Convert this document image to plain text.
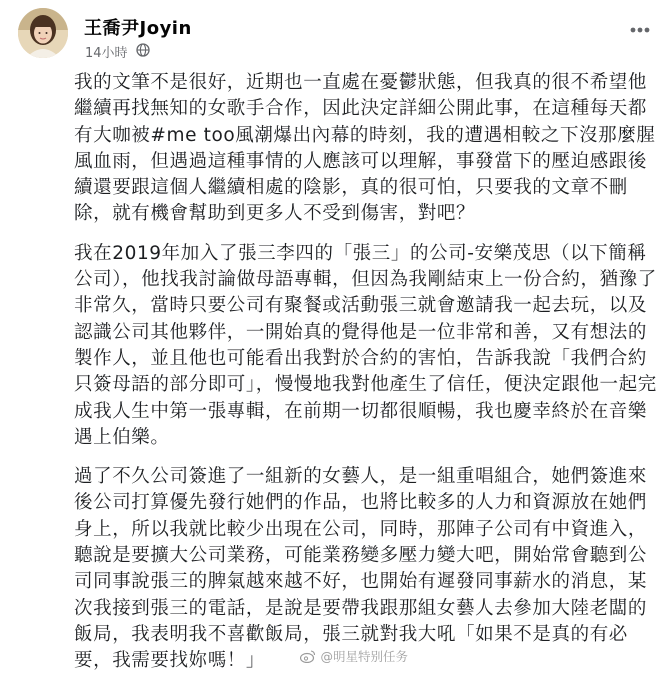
王喬尹Joyin
14小時

我的文筆不是很好，近期也一直處在憂鬱狀態，但我真的很不希望他繼續再找無知的女歌手合作，因此決定詳細公開此事，在這種每天都有大咖被#me too風潮爆出內幕的時刻，我的遭遇相較之下沒那麼腥風血雨，但遇過這種事情的人應該可以理解，事發當下的壓迫感跟後續還要跟這個人繼續相處的陰影，真的很可怕，只要我的文章不刪除，就有機會幫助到更多人不受到傷害，對吧？

我在2019年加入了張三李四的「張三」的公司-安樂茂思（以下簡稱公司），他找我討論做母語專輯，但因為我剛結束上一份合約，猶豫了非常久，當時只要公司有聚餐或活動張三就會邀請我一起去玩，以及認識公司其他夥伴，一開始真的覺得他是一位非常和善，又有想法的製作人，並且他也可能看出我對於合約的害怕，告訴我說「我們合約只簽母語的部分即可」，慢慢地我對他產生了信任，便決定跟他一起完成我人生中第一張專輯，在前期一切都很順暢，我也慶幸終於在音樂遇上伯樂。

過了不久公司簽進了一組新的女藝人，是一組重唱組合，她們簽進來後公司打算優先發行她們的作品，也將比較多的人力和資源放在她們身上，所以我就比較少出現在公司，同時，那陣子公司有中資進入，聽說是要擴大公司業務，可能業務變多壓力變大吧，開始常會聽到公司同事說張三的脾氣越來越不好，也開始有遲發同事薪水的消息，某次我接到張三的電話，是說是要帶我跟那組女藝人去參加大陸老闆的飯局，我表明我不喜歡飯局，張三就對我大吼「如果不是真的有必要，我需要找妳嗎！」	@明星特别任务
